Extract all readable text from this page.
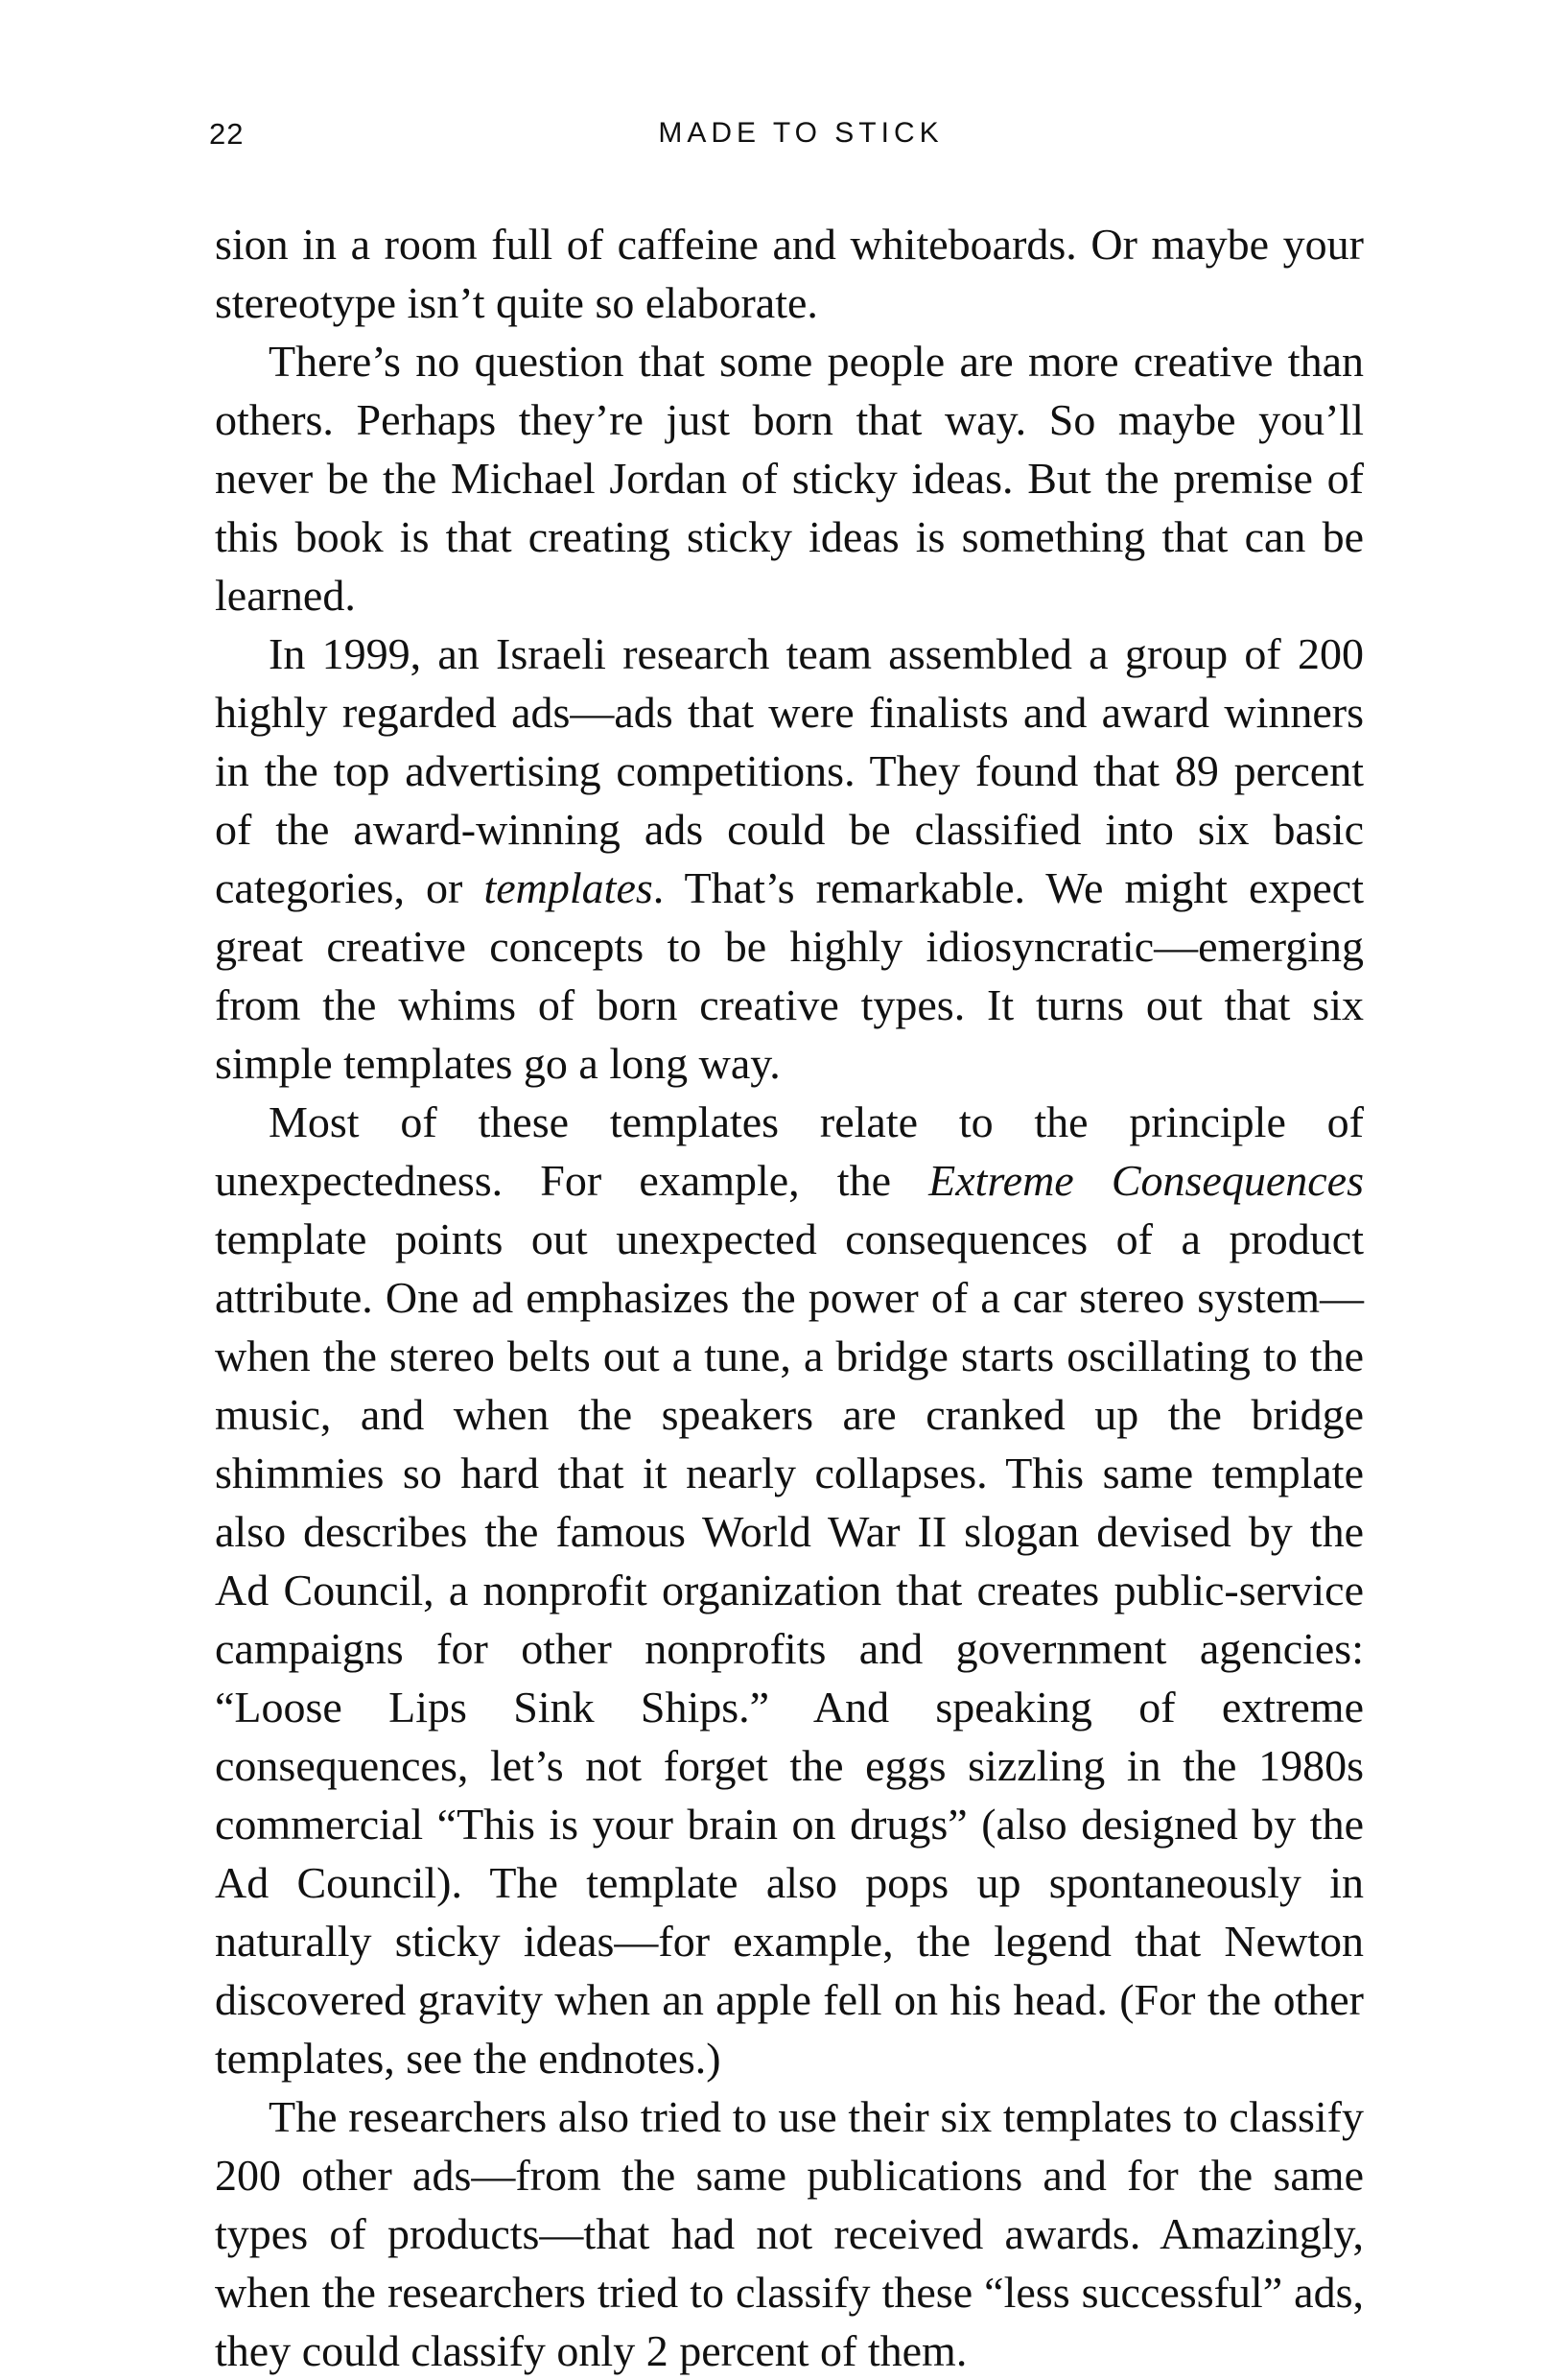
22	MADE TO STICK

sion in a room full of caffeine and whiteboards. Or maybe your stereotype isn’t quite so elaborate.

There’s no question that some people are more creative than others. Perhaps they’re just born that way. So maybe you’ll never be the Michael Jordan of sticky ideas. But the premise of this book is that creating sticky ideas is something that can be learned.

In 1999, an Israeli research team assembled a group of 200 highly regarded ads—ads that were finalists and award winners in the top advertising competitions. They found that 89 percent of the award-winning ads could be classified into six basic categories, or templates. That’s remarkable. We might expect great creative concepts to be highly idiosyncratic—emerging from the whims of born creative types. It turns out that six simple templates go a long way.

Most of these templates relate to the principle of unexpectedness. For example, the Extreme Consequences template points out unexpected consequences of a product attribute. One ad emphasizes the power of a car stereo system—when the stereo belts out a tune, a bridge starts oscillating to the music, and when the speakers are cranked up the bridge shimmies so hard that it nearly collapses. This same template also describes the famous World War II slogan devised by the Ad Council, a nonprofit organization that creates public-service campaigns for other nonprofits and government agencies: “Loose Lips Sink Ships.” And speaking of extreme consequences, let’s not forget the eggs sizzling in the 1980s commercial “This is your brain on drugs” (also designed by the Ad Council). The template also pops up spontaneously in naturally sticky ideas—for example, the legend that Newton discovered gravity when an apple fell on his head. (For the other templates, see the endnotes.)

The researchers also tried to use their six templates to classify 200 other ads—from the same publications and for the same types of products—that had not received awards. Amazingly, when the researchers tried to classify these “less successful” ads, they could classify only 2 percent of them.
